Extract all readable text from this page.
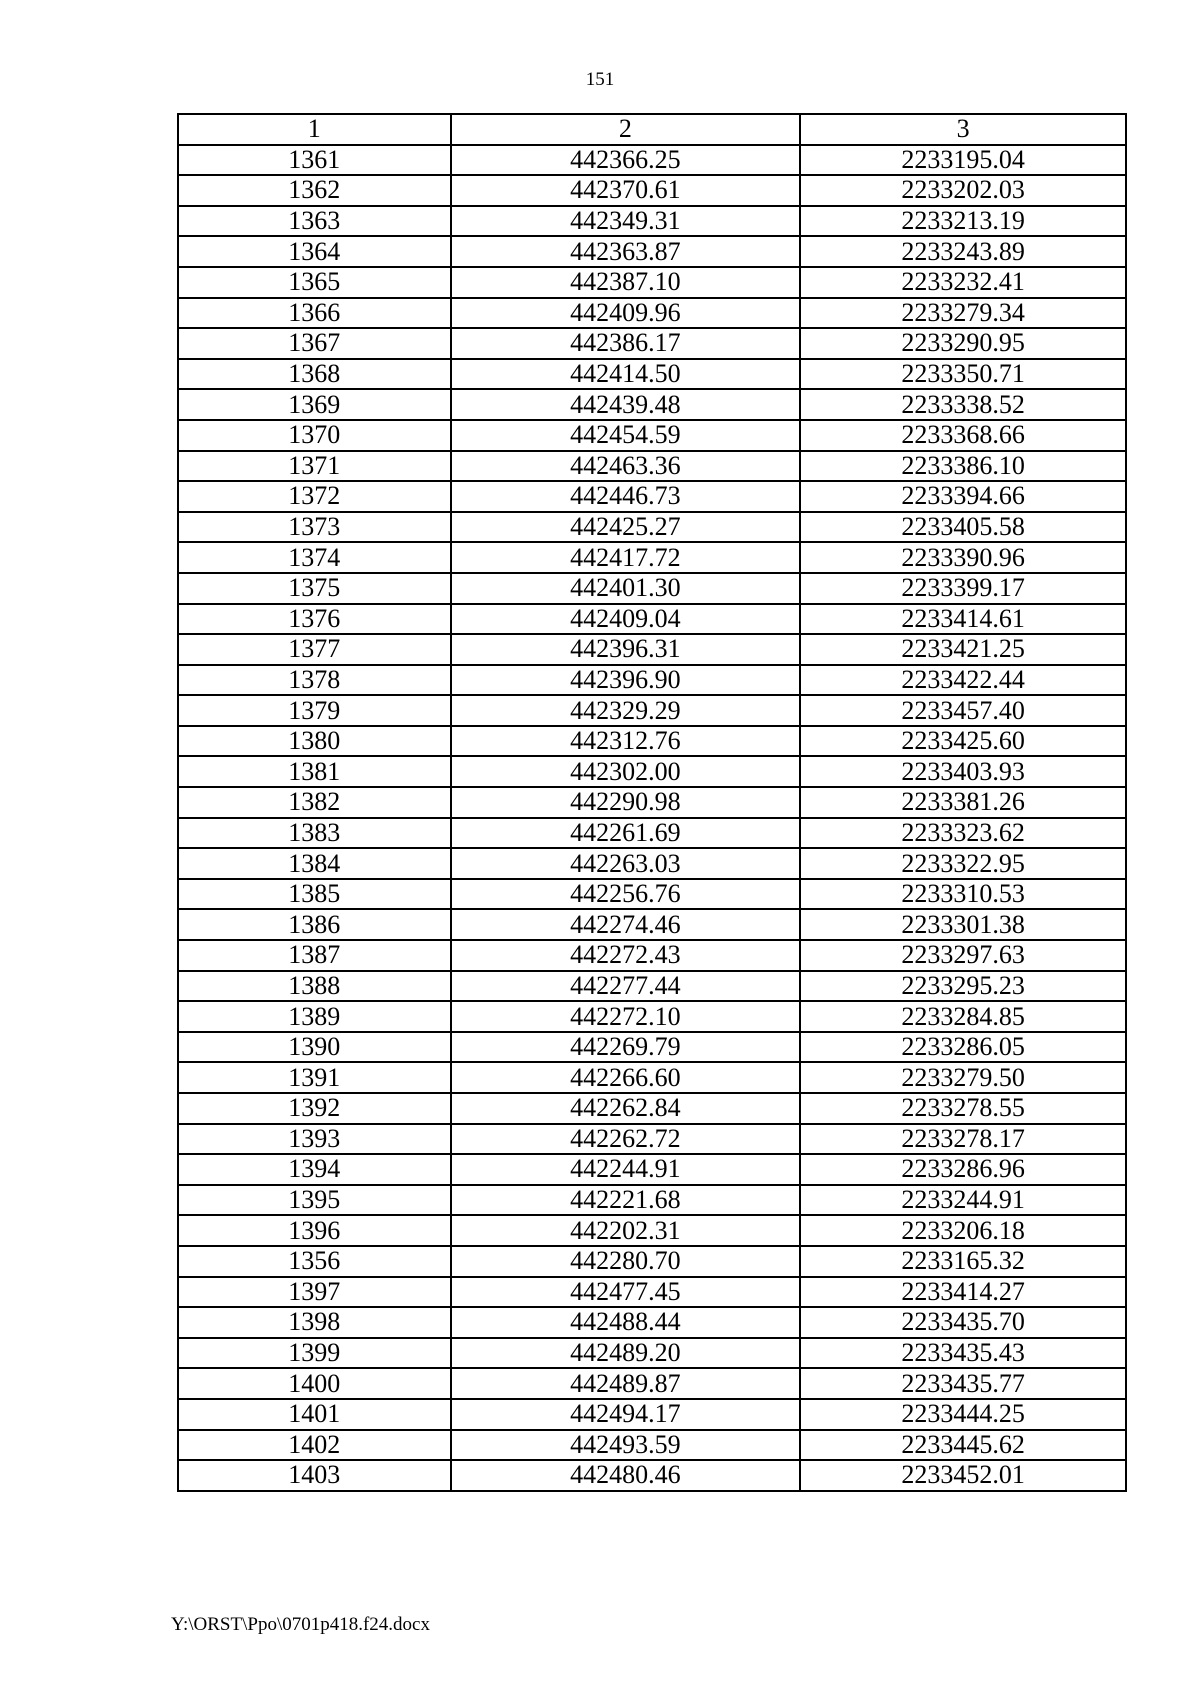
151
1	2	3
1361	442366.25	2233195.04
1362	442370.61	2233202.03
1363	442349.31	2233213.19
1364	442363.87	2233243.89
1365	442387.10	2233232.41
1366	442409.96	2233279.34
1367	442386.17	2233290.95
1368	442414.50	2233350.71
1369	442439.48	2233338.52
1370	442454.59	2233368.66
1371	442463.36	2233386.10
1372	442446.73	2233394.66
1373	442425.27	2233405.58
1374	442417.72	2233390.96
1375	442401.30	2233399.17
1376	442409.04	2233414.61
1377	442396.31	2233421.25
1378	442396.90	2233422.44
1379	442329.29	2233457.40
1380	442312.76	2233425.60
1381	442302.00	2233403.93
1382	442290.98	2233381.26
1383	442261.69	2233323.62
1384	442263.03	2233322.95
1385	442256.76	2233310.53
1386	442274.46	2233301.38
1387	442272.43	2233297.63
1388	442277.44	2233295.23
1389	442272.10	2233284.85
1390	442269.79	2233286.05
1391	442266.60	2233279.50
1392	442262.84	2233278.55
1393	442262.72	2233278.17
1394	442244.91	2233286.96
1395	442221.68	2233244.91
1396	442202.31	2233206.18
1356	442280.70	2233165.32
1397	442477.45	2233414.27
1398	442488.44	2233435.70
1399	442489.20	2233435.43
1400	442489.87	2233435.77
1401	442494.17	2233444.25
1402	442493.59	2233445.62
1403	442480.46	2233452.01
Y:\ORST\Ppo\0701p418.f24.docx
